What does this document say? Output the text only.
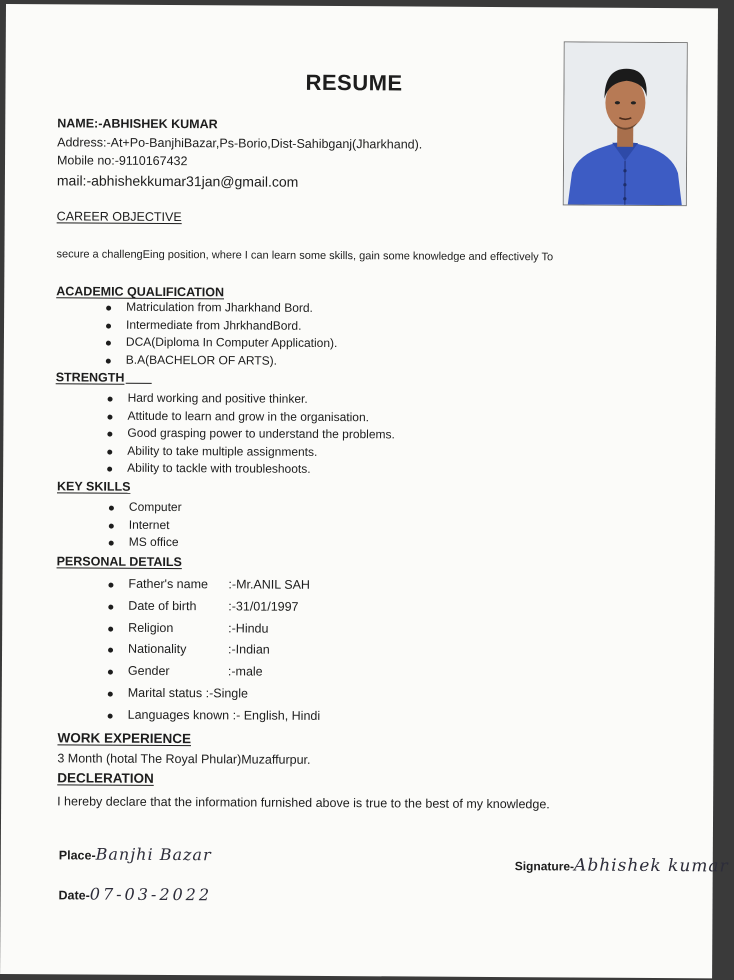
RESUME
NAME:-ABHISHEK KUMAR
Address:-At+Po-BanjhiBazar,Ps-Borio,Dist-Sahibganj(Jharkhand).
Mobile no:-9110167432
mail:-abhishekkumar31jan@gmail.com
CAREER OBJECTIVE
secure a challengEing position, where I can learn some skills, gain some knowledge and effectively To
ACADEMIC QUALIFICATION
Matriculation from Jharkhand Bord.
Intermediate from JhrkhandBord.
DCA(Diploma In Computer Application).
B.A(BACHELOR OF ARTS).
STRENGTH
Hard working and positive thinker.
Attitude to learn and grow in the organisation.
Good grasping power to understand the problems.
Ability to take multiple assignments.
Ability to tackle with troubleshoots.
KEY SKILLS
Computer
Internet
MS office
PERSONAL DETAILS
Father's name :-Mr.ANIL SAH
Date of birth	:-31/01/1997
Religion	:-Hindu
Nationality	:-Indian
Gender	:-male
Marital status :-Single
Languages known :- English, Hindi
WORK EXPERIENCE
3 Month (hotal The Royal Phular)Muzaffurpur.
DECLERATION
I hereby declare that the information furnished above is true to the best of my knowledge.
Place-Banjhi Bazar
Date-07-03-2022
Signature-Abhishek kumar
